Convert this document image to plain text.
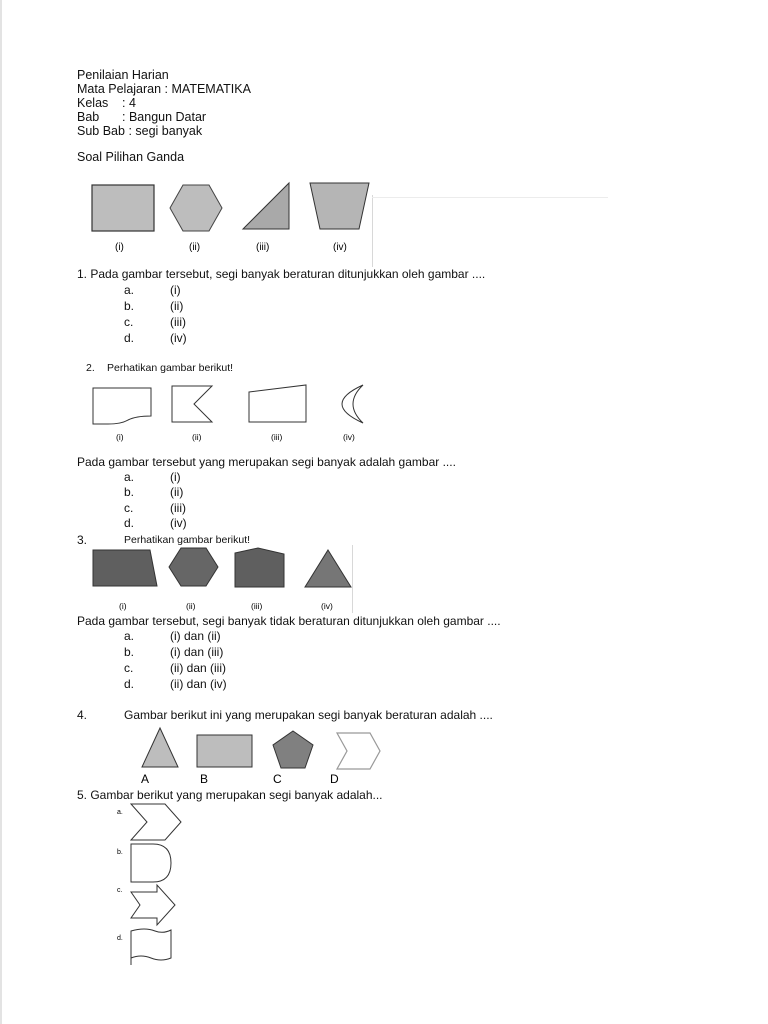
Penilaian Harian
Mata Pelajaran : MATEMATIKA
Kelas : 4
Bab : Bangun Datar
Sub Bab : segi banyak
Soal Pilihan Ganda
(i)	(ii)	(iii)	(iv)
1. Pada gambar tersebut, segi banyak beraturan ditunjukkan oleh gambar ....
a.	(i)
b.	(ii)
c.	(iii)
d.	(iv)
2. Perhatikan gambar berikut!
(i)	(ii)	(iii)	(iv)
Pada gambar tersebut yang merupakan segi banyak adalah gambar ....
a.	(i)
b.	(ii)
c.	(iii)
d.	(iv)
3.	Perhatikan gambar berikut!
(i)	(ii)	(iii)	(iv)
Pada gambar tersebut, segi banyak tidak beraturan ditunjukkan oleh gambar ....
a.	(i) dan (ii)
b.	(i) dan (iii)
c.	(ii) dan (iii)
d.	(ii) dan (iv)
4.	Gambar berikut ini yang merupakan segi banyak beraturan adalah ....
A	B	C	D
5. Gambar berikut yang merupakan segi banyak adalah...
a.
b.
c.
d.
